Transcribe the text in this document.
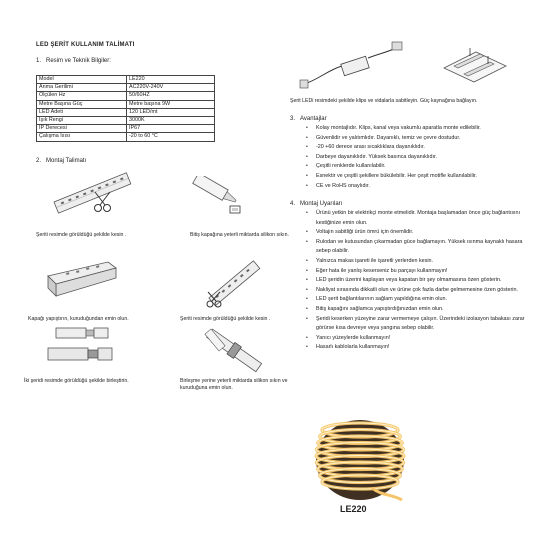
LED ŞERİT KULLANIM TALİMATI
1. Resim ve Teknik Bilgiler:
Model	LE220
Anma Gerilimi	AC220V-240V
Olçülen Hz	50/60HZ
Metre Başına Güç	Metre başına 9W
LED Adeti	120 LED/mt
Işık Rengi	3000K
IP Derecesi	IP67
Çalışma Isısı	-20 to 60 °C
2. Montaj Talimatı
Şeriti resimde görüldüğü şekilde kesin .	Bitiş kapağına yeterli miktarda silikon sıkın.
Kapağı yapıştırın, kuruduğundan emin olun.	Şeriti resimde görüldüğü şekilde kesin .
İki şeridi resimde görüldüğü şekilde birleştirin.	Birleşme yerine yeterli miktarda silikon sıkın ve kuruduğuna emin olun.
Şerit LEDi resimdeki şekilde klips ve vidalarla sabitleyin. Güç kaynağına bağlayın.
3. Avantajlar
•	Kolay montajlıdır. Klips, kanal veya vakumlu aparatla monte edilebilir.
•	Güvenlidir ve yalıtımlıdır. Dayanıklı, temiz ve çevre dostudur.
•	-20 +60 derece arası sıcaklıklara dayanıklıdır.
•	Darbeye dayanıklıdır. Yüksek basınca dayanıklıdır.
•	Çeşitli renklerde kullanılabilir.
•	Esnektir ve çeşitli şekillere bükülebilir. Her çeşit motifle kullanılabilir.
•	CE ve RoHS onaylıdır.
4. Montaj Uyarıları
•	Ürünü yetkin bir elektrikçi monte etmelidir. Montaja başlamadan önce güç bağlantısını kestiğinize emin olun.
•	Voltajın sabitliği ürün ömrü için önemlidir.
•	Rulodan ve kutusundan çıkarmadan güce bağlamayın. Yüksek ısınma kaynaklı hasara sebep olabilir.
•	Yalnızca makas işareti ile işaretli yerlerden kesin.
•	Eğer hata ile yanlış keserseniz bu parçayı kullanmayın!
•	LED şeridin üzerini kaplayan veya kapatan bir şey olmamasına özen gösterin.
•	Nakliyat sırasında dikkatli olun ve ürüne çok fazla darbe gelmemesine özen gösterin.
•	LED şerit bağlantılarının sağlam yapıldığına emin olun.
•	Bitiş kapağını sağlamca yapıştırdığınızdan emin olun.
•	Şeridi keserken yüzeyine zarar vermemeye çalışın. Üzerindeki izolasyon tabakası zarar görürse kısa devreye veya yangına sebep olabilir.
•	Yanıcı yüzeylerde kullanmayın!
•	Hasarlı kablolarla kullanmayın!
LE220
